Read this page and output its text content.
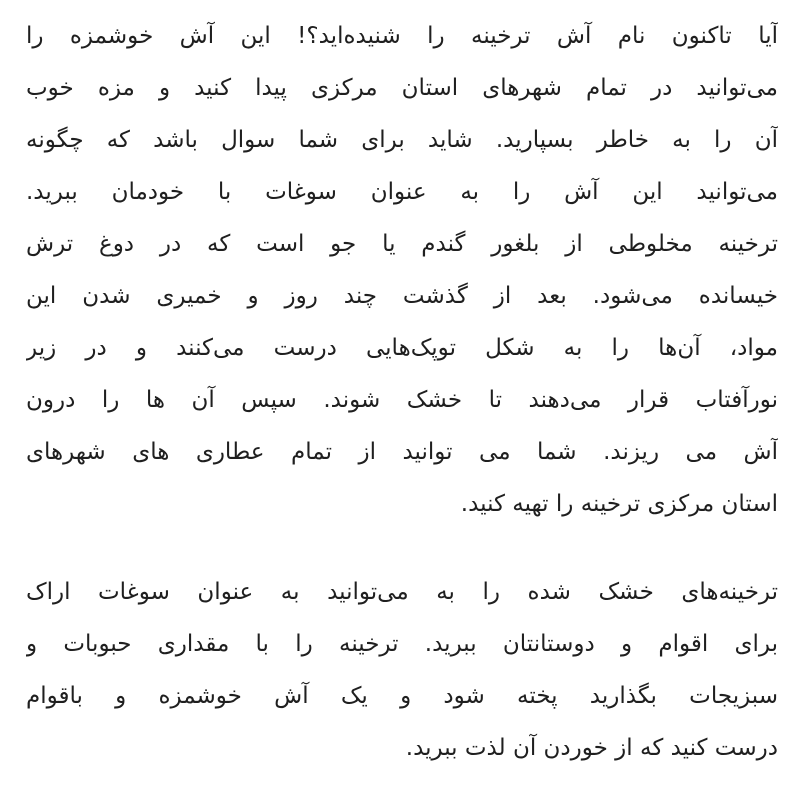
آیا تاکنون نام آش ترخینه را شنیده‌اید؟! این آش خوشمزه را
می‌توانید در تمام شهرهای استان مرکزی پیدا کنید و مزه خوب
آن را به خاطر بسپارید. شاید برای شما سوال باشد که چگونه
می‌توانید این آش را به عنوان سوغات با خودمان ببرید.
ترخینه مخلوطی از بلغور گندم یا جو است که در دوغ ترش
خیسانده می‌شود. بعد از گذشت چند روز و خمیری شدن این
مواد، آن‌ها را به شکل توپک‌هایی درست می‌کنند و در زیر
نورآفتاب قرار می‌دهند تا خشک شوند. سپس آن ها را درون
آش می ریزند. شما می توانید از تمام عطاری های شهرهای
استان مرکزی ترخینه را تهیه کنید.
ترخینه‌های خشک شده را به می‌توانید به عنوان سوغات اراک
برای اقوام و دوستانتان ببرید. ترخینه را با مقداری حبوبات و
سبزیجات بگذارید پخته شود و یک آش خوشمزه و باقوام
درست کنید که از خوردن آن لذت ببرید.
